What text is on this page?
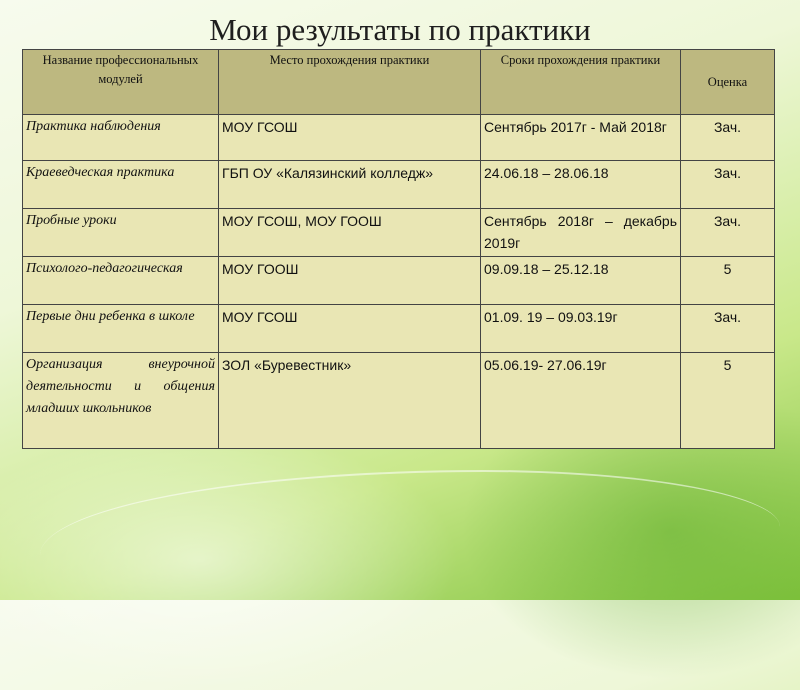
Мои результаты по практики
Название профессиональных модулей	Место прохождения практики	Сроки прохождения практики	Оценка
Практика наблюдения	МОУ ГСОШ	Сентябрь 2017г - Май 2018г	Зач.
Краеведческая практика	ГБП ОУ «Калязинский колледж»	24.06.18 – 28.06.18	Зач.
Пробные уроки	МОУ ГСОШ, МОУ ГООШ	Сентябрь 2018г – декабрь 2019г	Зач.
Психолого-педагогическая	МОУ ГООШ	09.09.18 – 25.12.18	5
Первые дни ребенка в школе	МОУ ГСОШ	01.09. 19 – 09.03.19г	Зач.
Организация внеурочной деятельности и общения младших школьников	ЗОЛ «Буревестник»	05.06.19- 27.06.19г	5
